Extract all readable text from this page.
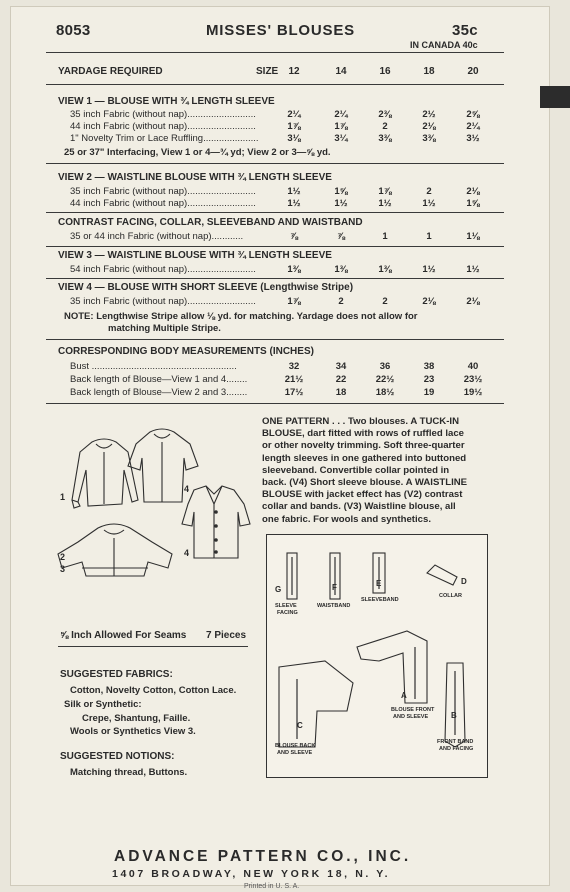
8053	MISSES' BLOUSES	35c
IN CANADA 40c
YARDAGE REQUIRED	SIZE	12	14	16	18	20
VIEW 1 — BLOUSE WITH ¾ LENGTH SLEEVE
35 inch Fabric (without nap)..........................	2¼	2¼	2⅜	2½	2⅝
44 inch Fabric (without nap)..........................	1⅞	1⅞	2	2⅛	2¼
1" Novelty Trim or Lace Ruffling.....................	3⅛	3¼	3⅜	3⅜	3½
25 or 37" Interfacing, View 1 or 4—¾ yd; View 2 or 3—⅝ yd.
VIEW 2 — WAISTLINE BLOUSE WITH ¾ LENGTH SLEEVE
35 inch Fabric (without nap)..........................	1½	1⅝	1⅞	2	2⅛
44 inch Fabric (without nap)..........................	1½	1½	1½	1½	1⅝
CONTRAST FACING, COLLAR, SLEEVEBAND AND WAISTBAND
35 or 44 inch Fabric (without nap)............	⅞	⅞	1	1	1⅛
VIEW 3 — WAISTLINE BLOUSE WITH ¾ LENGTH SLEEVE
54 inch Fabric (without nap)..........................	1⅜	1⅜	1⅜	1½	1½
VIEW 4 — BLOUSE WITH SHORT SLEEVE (Lengthwise Stripe)
35 inch Fabric (without nap)..........................	1⅞	2	2	2⅛	2⅛
NOTE: Lengthwise Stripe allow ⅛ yd. for matching. Yardage does not allow for
matching Multiple Stripe.
CORRESPONDING BODY MEASUREMENTS (INCHES)
Bust .......................................................	32	34	36	38	40
Back length of Blouse—View 1 and 4........	21½	22	22½	23	23½
Back length of Blouse—View 2 and 3........	17½	18	18½	19	19½
ONE PATTERN . . . Two blouses. A TUCK-IN
BLOUSE, dart fitted with rows of ruffled lace
or other novelty trimming. Soft three-quarter
length sleeves in one gathered into buttoned
sleeveband. Convertible collar pointed in
back. (V4) Short sleeve blouse. A WAISTLINE
BLOUSE with jacket effect has (V2) contrast
collar and bands. (V3) Waistline blouse, all
one fabric. For wools and synthetics.
1
4
2
3
4
G
SLEEVE
FACING
F
WAISTBAND
E
SLEEVEBAND
D
COLLAR
C
BLOUSE BACK
AND SLEEVE
A
BLOUSE FRONT
AND SLEEVE	B
FRONT BAND
AND FACING
⅝ Inch Allowed For Seams 7 Pieces
SUGGESTED FABRICS:
Cotton, Novelty Cotton, Cotton Lace.
Silk or Synthetic:
Crepe, Shantung, Faille.
Wools or Synthetics View 3.
SUGGESTED NOTIONS:
Matching thread, Buttons.
ADVANCE PATTERN CO., INC.
1407 BROADWAY, NEW YORK 18, N. Y.
Printed in U. S. A.
